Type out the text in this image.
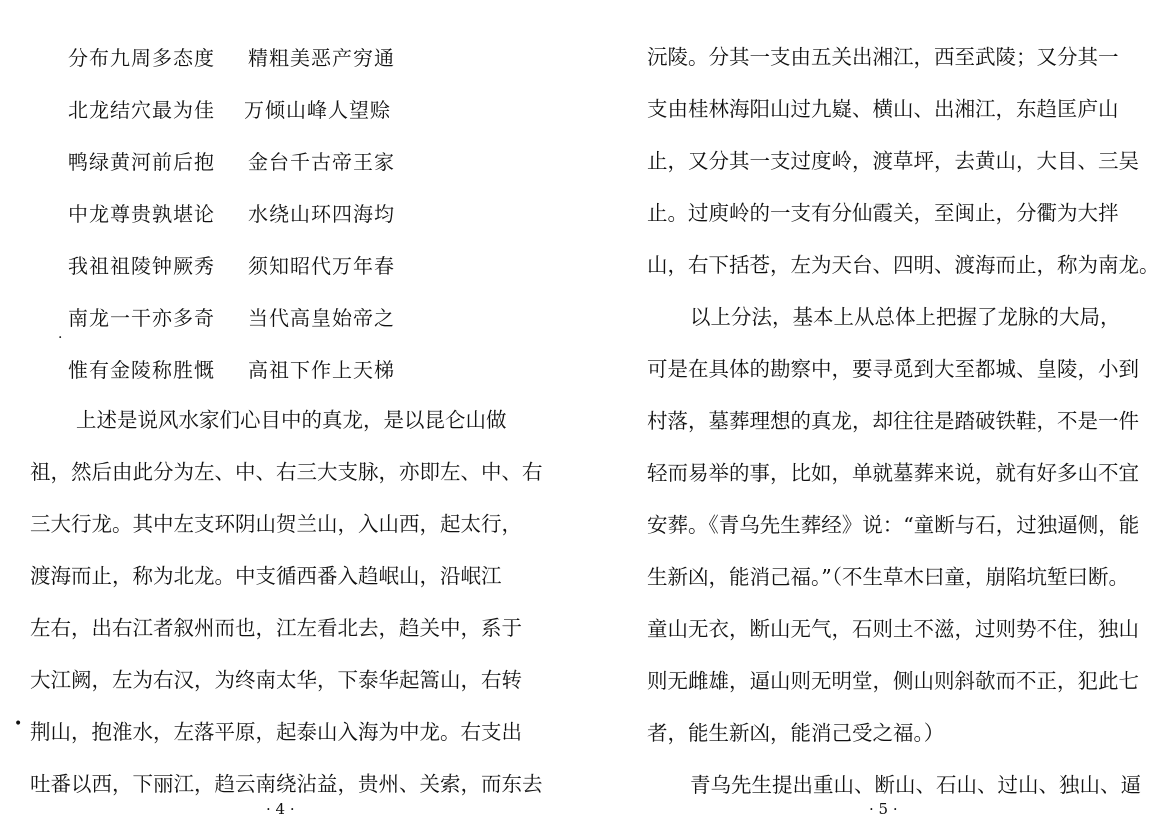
分布九周多态度 精粗美恶产穷通
北龙结穴最为佳 万倾山峰人望赊
鸭绿黄河前后抱 金台千古帝王家
中龙尊贵孰堪论 水绕山环四海均
我祖祖陵钟厥秀 须知昭代万年春
南龙一干亦多奇 当代高皇始帝之
惟有金陵称胜慨 高祖下作上天梯
上述是说风水家们心目中的真龙，是以昆仑山做
祖，然后由此分为左、中、右三大支脉，亦即左、中、右
三大行龙。其中左支环阴山贺兰山，入山西，起太行，
渡海而止，称为北龙。中支循西番入趋岷山，沿岷江
左右，出右江者叙州而也，江左看北去，趋关中，系于
大江阙，左为右汉，为终南太华，下泰华起篙山，右转
荆山，抱淮水，左落平原，起泰山入海为中龙。右支出
吐番以西，下丽江，趋云南绕沾益，贵州、关索，而东去
·
•
· 4 ·
沅陵。分其一支由五关出湘江，西至武陵；又分其一
支由桂林海阳山过九嶷、横山、出湘江，东趋匡庐山
止，又分其一支过度岭，渡草坪，去黄山，大目、三吴
止。过庾岭的一支有分仙霞关，至闽止，分衢为大拌
山，右下括苍，左为天台、四明、渡海而止，称为南龙。
以上分法，基本上从总体上把握了龙脉的大局，
可是在具体的勘察中，要寻觅到大至都城、皇陵，小到
村落，墓葬理想的真龙，却往往是踏破铁鞋，不是一件
轻而易举的事，比如，单就墓葬来说，就有好多山不宜
安葬。《青乌先生葬经》说：“童断与石，过独逼侧，能
生新凶，能消己福。”（不生草木曰童，崩陷坑堑曰断。
童山无衣，断山无气，石则土不滋，过则势不住，独山
则无雌雄，逼山则无明堂，侧山则斜欹而不正，犯此七
者，能生新凶，能消己受之福。）
青乌先生提出重山、断山、石山、过山、独山、逼
· 5 ·
